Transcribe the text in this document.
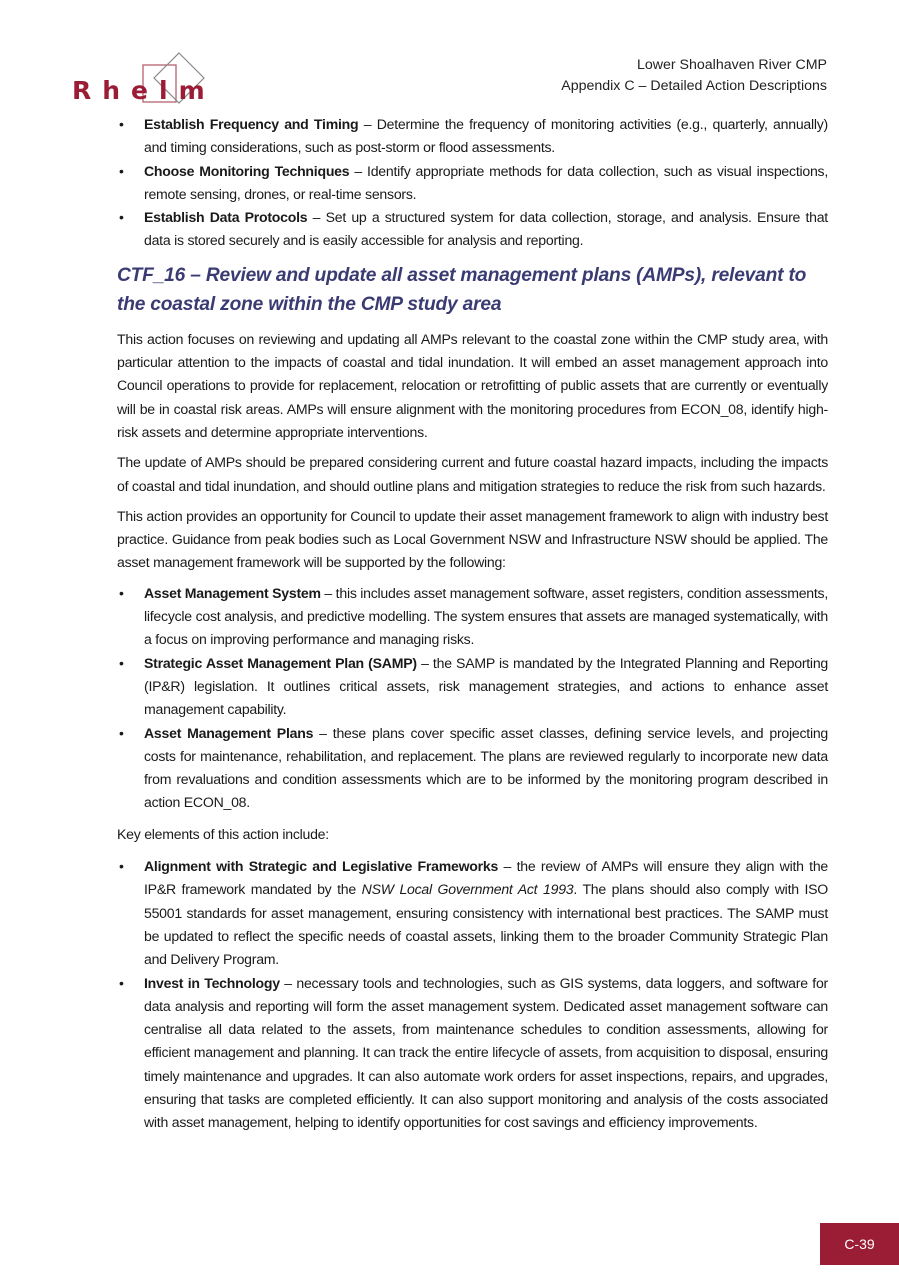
Rhelm
Lower Shoalhaven River CMP
Appendix C – Detailed Action Descriptions
• Establish Frequency and Timing – Determine the frequency of monitoring activities (e.g., quarterly, annually) and timing considerations, such as post-storm or flood assessments.
• Choose Monitoring Techniques – Identify appropriate methods for data collection, such as visual inspections, remote sensing, drones, or real-time sensors.
• Establish Data Protocols – Set up a structured system for data collection, storage, and analysis. Ensure that data is stored securely and is easily accessible for analysis and reporting.
CTF_16 – Review and update all asset management plans (AMPs), relevant to the coastal zone within the CMP study area

This action focuses on reviewing and updating all AMPs relevant to the coastal zone within the CMP study area, with particular attention to the impacts of coastal and tidal inundation. It will embed an asset management approach into Council operations to provide for replacement, relocation or retrofitting of public assets that are currently or eventually will be in coastal risk areas. AMPs will ensure alignment with the monitoring procedures from ECON_08, identify high-risk assets and determine appropriate interventions.

The update of AMPs should be prepared considering current and future coastal hazard impacts, including the impacts of coastal and tidal inundation, and should outline plans and mitigation strategies to reduce the risk from such hazards.

This action provides an opportunity for Council to update their asset management framework to align with industry best practice. Guidance from peak bodies such as Local Government NSW and Infrastructure NSW should be applied. The asset management framework will be supported by the following:

• Asset Management System – this includes asset management software, asset registers, condition assessments, lifecycle cost analysis, and predictive modelling. The system ensures that assets are managed systematically, with a focus on improving performance and managing risks.
• Strategic Asset Management Plan (SAMP) – the SAMP is mandated by the Integrated Planning and Reporting (IP&R) legislation. It outlines critical assets, risk management strategies, and actions to enhance asset management capability.
• Asset Management Plans – these plans cover specific asset classes, defining service levels, and projecting costs for maintenance, rehabilitation, and replacement. The plans are reviewed regularly to incorporate new data from revaluations and condition assessments which are to be informed by the monitoring program described in action ECON_08.

Key elements of this action include:

• Alignment with Strategic and Legislative Frameworks – the review of AMPs will ensure they align with the IP&R framework mandated by the NSW Local Government Act 1993. The plans should also comply with ISO 55001 standards for asset management, ensuring consistency with international best practices. The SAMP must be updated to reflect the specific needs of coastal assets, linking them to the broader Community Strategic Plan and Delivery Program.
• Invest in Technology – necessary tools and technologies, such as GIS systems, data loggers, and software for data analysis and reporting will form the asset management system. Dedicated asset management software can centralise all data related to the assets, from maintenance schedules to condition assessments, allowing for efficient management and planning. It can track the entire lifecycle of assets, from acquisition to disposal, ensuring timely maintenance and upgrades. It can also automate work orders for asset inspections, repairs, and upgrades, ensuring that tasks are completed efficiently. It can also support monitoring and analysis of the costs associated with asset management, helping to identify opportunities for cost savings and efficiency improvements.
C-39
